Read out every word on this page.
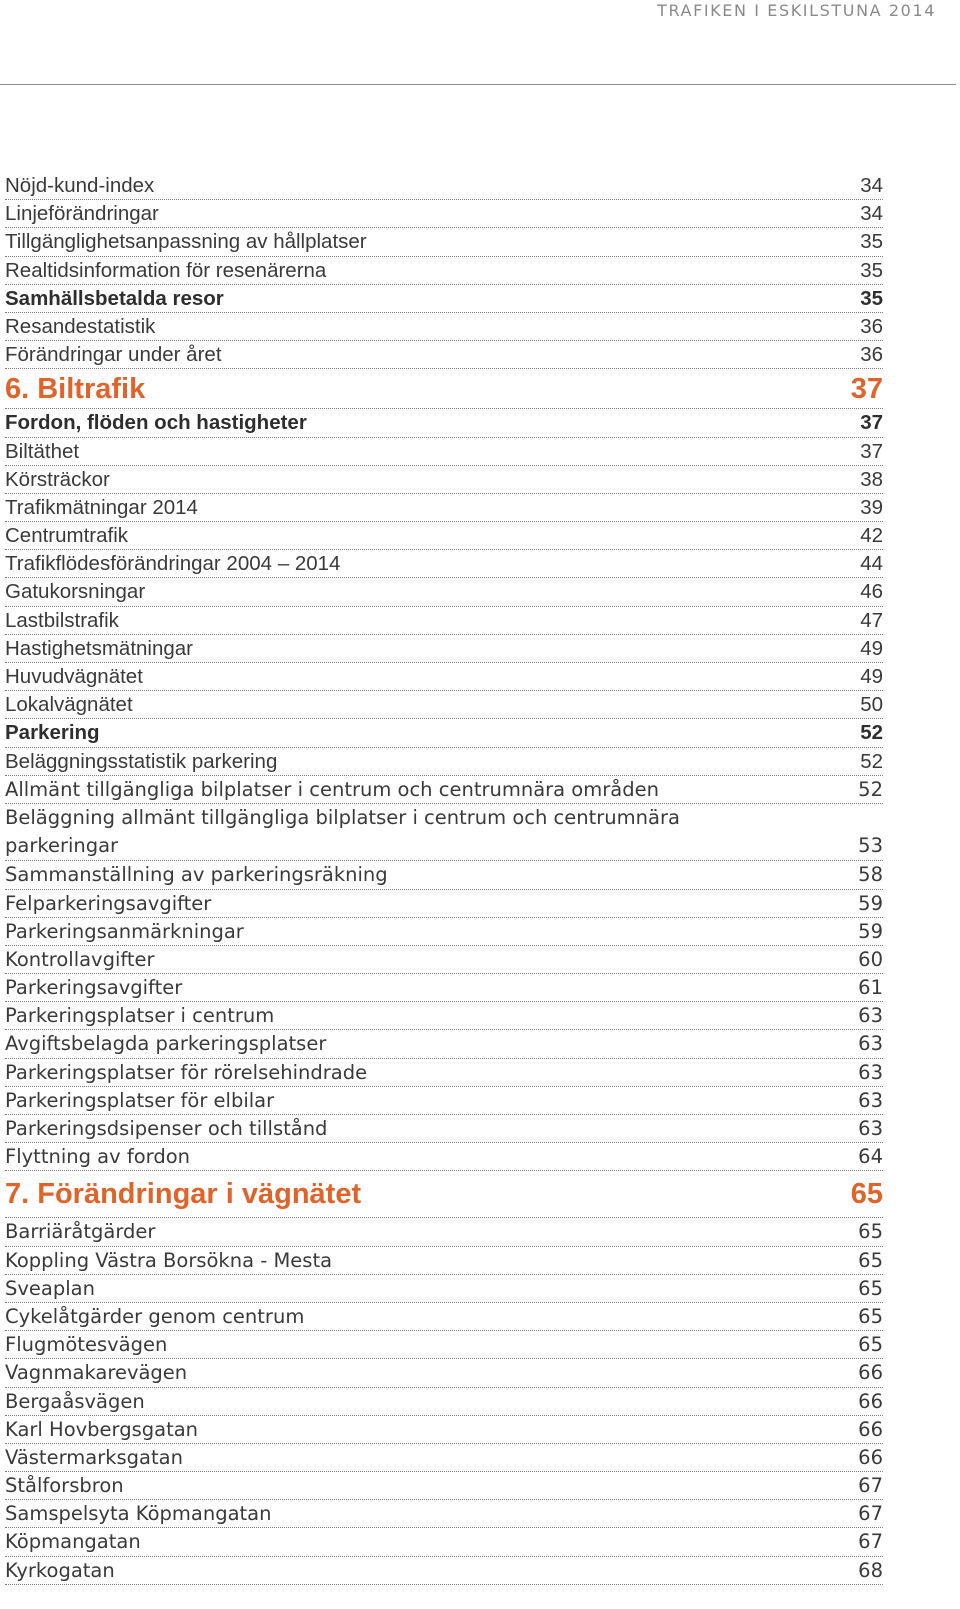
TRAFIKEN I ESKILSTUNA 2014
Nöjd-kund-index	34
Linjeförändringar	34
Tillgänglighetsanpassning av hållplatser	35
Realtidsinformation för resenärerna	35
Samhällsbetalda resor	35
Resandestatistik	36
Förändringar under året	36
6. Biltrafik	37
Fordon, flöden och hastigheter	37
Biltäthet	37
Körsträckor	38
Trafikmätningar 2014	39
Centrumtrafik	42
Trafikflödesförändringar 2004 – 2014	44
Gatukorsningar	46
Lastbilstrafik	47
Hastighetsmätningar	49
Huvudvägnätet	49
Lokalvägnätet	50
Parkering	52
Beläggningsstatistik parkering	52
Allmänt tillgängliga bilplatser i centrum och centrumnära områden	52
Beläggning allmänt tillgängliga bilplatser i centrum och centrumnära
parkeringar	53
Sammanställning av parkeringsräkning	58
Felparkeringsavgifter	59
Parkeringsanmärkningar	59
Kontrollavgifter	60
Parkeringsavgifter	61
Parkeringsplatser i centrum	63
Avgiftsbelagda parkeringsplatser	63
Parkeringsplatser för rörelsehindrade	63
Parkeringsplatser för elbilar	63
Parkeringsdsipenser och tillstånd	63
Flyttning av fordon	64
7. Förändringar i vägnätet	65
Barriäråtgärder	65
Koppling Västra Borsökna - Mesta	65
Sveaplan	65
Cykelåtgärder genom centrum	65
Flugmötesvägen	65
Vagnmakarevägen	66
Bergaåsvägen	66
Karl Hovbergsgatan	66
Västermarksgatan	66
Stålforsbron	67
Samspelsyta Köpmangatan	67
Köpmangatan	67
Kyrkogatan	68
